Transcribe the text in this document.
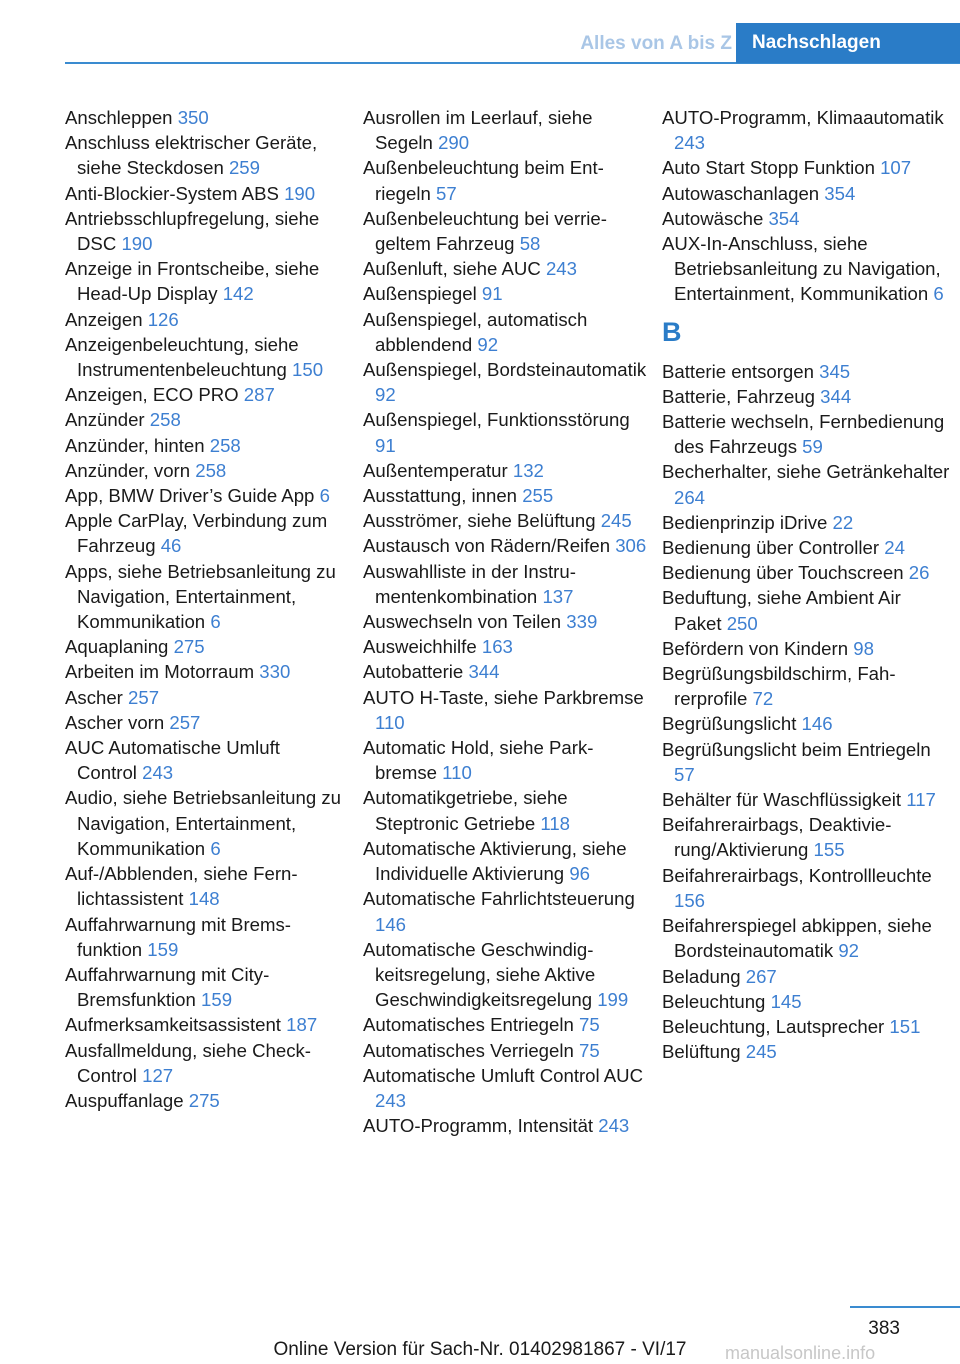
Alles von A bis Z	Nachschlagen
Anschleppen 350
Anschluss elektrischer Geräte, siehe Steckdosen 259
Anti-Blockier-System ABS 190
Antriebsschlupfregelung, siehe DSC 190
Anzeige in Frontscheibe, siehe Head-Up Display 142
Anzeigen 126
Anzeigenbeleuchtung, siehe Instrumentenbeleuchtung 150
Anzeigen, ECO PRO 287
Anzünder 258
Anzünder, hinten 258
Anzünder, vorn 258
App, BMW Driver’s Guide App 6
Apple CarPlay, Verbindung zum Fahrzeug 46
Apps, siehe Betriebsanleitung zu Navigation, Entertainment, Kommunikation 6
Aquaplaning 275
Arbeiten im Motorraum 330
Ascher 257
Ascher vorn 257
AUC Automatische Umluft Control 243
Audio, siehe Betriebsanleitung zu Navigation, Entertainment, Kommunikation 6
Auf-/Abblenden, siehe Fernlichtassistent 148
Auffahrwarnung mit Bremsfunktion 159
Auffahrwarnung mit City-Bremsfunktion 159
Aufmerksamkeitsassistent 187
Ausfallmeldung, siehe Check-Control 127
Auspuffanlage 275
Ausrollen im Leerlauf, siehe Segeln 290
Außenbeleuchtung beim Entriegeln 57
Außenbeleuchtung bei verriegeltem Fahrzeug 58
Außenluft, siehe AUC 243
Außenspiegel 91
Außenspiegel, automatisch abblendend 92
Außenspiegel, Bordsteinautomatik 92
Außenspiegel, Funktionsstörung 91
Außentemperatur 132
Ausstattung, innen 255
Ausströmer, siehe Belüftung 245
Austausch von Rädern/Reifen 306
Auswahlliste in der Instrumentenkombination 137
Auswechseln von Teilen 339
Ausweichhilfe 163
Autobatterie 344
AUTO H-Taste, siehe Parkbremse 110
Automatic Hold, siehe Parkbremse 110
Automatikgetriebe, siehe Steptronic Getriebe 118
Automatische Aktivierung, siehe Individuelle Aktivierung 96
Automatische Fahrlichtsteuerung 146
Automatische Geschwindigkeitsregelung, siehe Aktive Geschwindigkeitsregelung 199
Automatisches Entriegeln 75
Automatisches Verriegeln 75
Automatische Umluft Control AUC 243
AUTO-Programm, Intensität 243
AUTO-Programm, Klimaautomatik 243
Auto Start Stopp Funktion 107
Autowaschanlagen 354
Autowäsche 354
AUX-In-Anschluss, siehe Betriebsanleitung zu Navigation, Entertainment, Kommunikation 6
B
Batterie entsorgen 345
Batterie, Fahrzeug 344
Batterie wechseln, Fernbedienung des Fahrzeugs 59
Becherhalter, siehe Getränkehalter 264
Bedienprinzip iDrive 22
Bedienung über Controller 24
Bedienung über Touchscreen 26
Beduftung, siehe Ambient Air Paket 250
Befördern von Kindern 98
Begrüßungsbildschirm, Fahrerprofile 72
Begrüßungslicht 146
Begrüßungslicht beim Entriegeln 57
Behälter für Waschflüssigkeit 117
Beifahrerairbags, Deaktivierung/Aktivierung 155
Beifahrerairbags, Kontrollleuchte 156
Beifahrerspiegel abkippen, siehe Bordsteinautomatik 92
Beladung 267
Beleuchtung 145
Beleuchtung, Lautsprecher 151
Belüftung 245
383
Online Version für Sach-Nr. 01402981867 - VI/17	manualsonline.info
